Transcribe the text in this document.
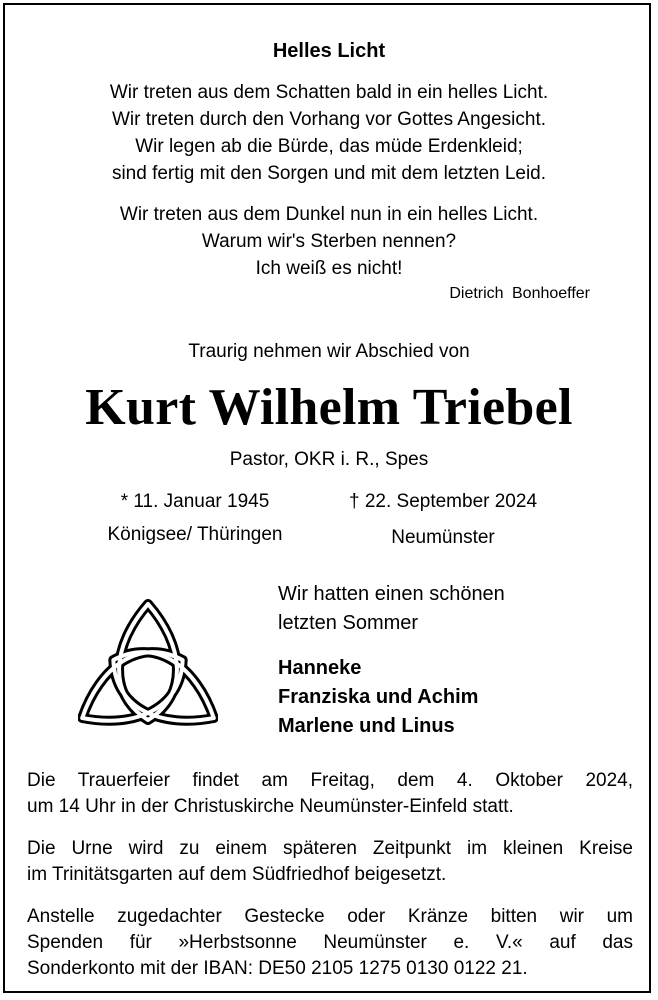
Helles Licht
Wir treten aus dem Schatten bald in ein helles Licht.
Wir treten durch den Vorhang vor Gottes Angesicht.
Wir legen ab die Bürde, das müde Erdenkleid;
sind fertig mit den Sorgen und mit dem letzten Leid.
Wir treten aus dem Dunkel nun in ein helles Licht.
Warum wir's Sterben nennen?
Ich weiß es nicht!
Dietrich Bonhoeffer
Traurig nehmen wir Abschied von
Kurt Wilhelm Triebel
Pastor, OKR i. R., Spes
* 11. Januar 1945	† 22. September 2024
Königsee/ Thüringen	Neumünster
Wir hatten einen schönen
letzten Sommer
Hanneke
Franziska und Achim
Marlene und Linus
Die Trauerfeier findet am Freitag, dem 4. Oktober 2024,
um 14 Uhr in der Christuskirche Neumünster-Einfeld statt.
Die Urne wird zu einem späteren Zeitpunkt im kleinen Kreise
im Trinitätsgarten auf dem Südfriedhof beigesetzt.
Anstelle zugedachter Gestecke oder Kränze bitten wir um
Spenden für »Herbstsonne Neumünster e. V.« auf das
Sonderkonto mit der IBAN: DE50 2105 1275 0130 0122 21.
